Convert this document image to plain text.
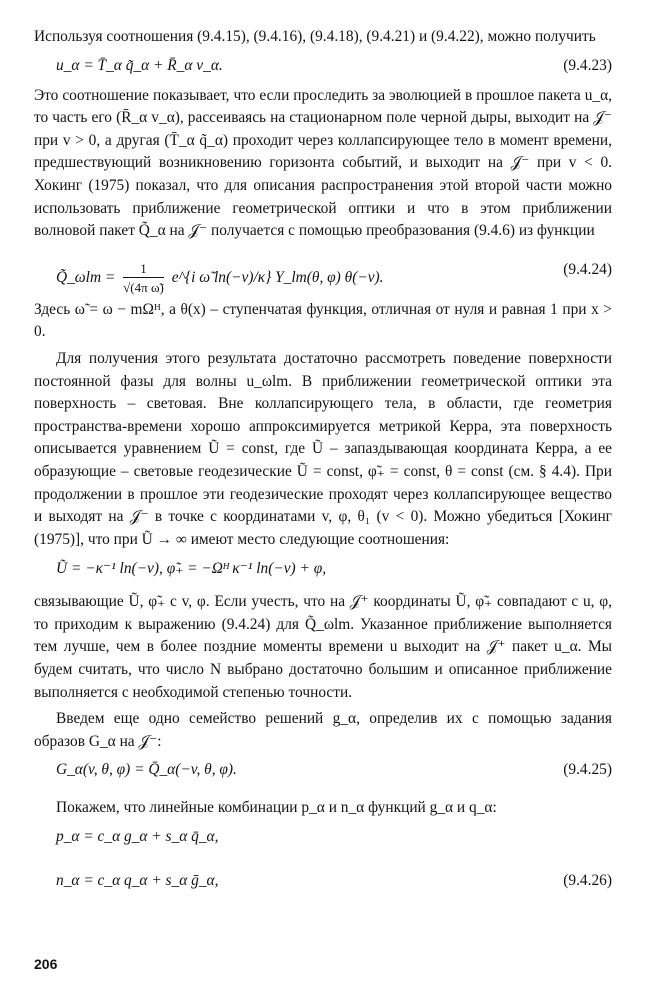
Используя соотношения (9.4.15), (9.4.16), (9.4.18), (9.4.21) и (9.4.22), можно получить

u_α = T̄_α q̃_α + R̄_α v_α.	(9.4.23)

Это соотношение показывает, что если проследить за эволюцией в прошлое пакета u_α, то часть его (R̄_α v_α), рассеиваясь на стационарном поле черной дыры, выходит на 𝒥⁻ при v > 0, а другая (T̄_α q̃_α) проходит через коллапсирующее тело в момент времени, предшествующий возникновению горизонта событий, и выходит на 𝒥⁻ при v < 0. Хокинг (1975) показал, что для описания распространения этой второй части можно использовать приближение геометрической оптики и что в этом приближении волновой пакет Q̃_α на 𝒥⁻ получается с помощью преобразования (9.4.6) из функции

Q̃_ωlm = $\frac{1}{\text{√(4π ω̃)}}$ e^{i ω̃ ln(−v)/κ} Y_lm(θ, φ) θ(−v).	(9.4.24)

Здесь ω̃ = ω − mΩᴴ, а θ(x) – ступенчатая функция, отличная от нуля и равная 1 при x > 0.

Для получения этого результата достаточно рассмотреть поведение поверхности постоянной фазы для волны u_ωlm. В приближении геометрической оптики эта поверхность – световая. Вне коллапсирующего тела, в области, где геометрия пространства-времени хорошо аппроксимируется метрикой Керра, эта поверхность описывается уравнением Ũ = const, где Ũ – запаздывающая координата Керра, а ее образующие – световые геодезические Ũ = const, φ̃₊ = const, θ = const (см. § 4.4). При продолжении в прошлое эти геодезические проходят через коллапсирующее вещество и выходят на 𝒥⁻ в точке с координатами v, φ, θ₁ (v < 0). Можно убедиться [Хокинг (1975)], что при Ũ → ∞ имеют место следующие соотношения:

Ũ = −κ⁻¹ ln(−v), φ̃₊ = −Ωᴴ κ⁻¹ ln(−v) + φ,

связывающие Ũ, φ̃₊ с v, φ. Если учесть, что на 𝒥⁺ координаты Ũ, φ̃₊ совпадают с u, φ, то приходим к выражению (9.4.24) для Q̃_ωlm. Указанное приближение выполняется тем лучше, чем в более поздние моменты времени u выходит на 𝒥⁺ пакет u_α. Мы будем считать, что число N выбрано достаточно большим и описанное приближение выполняется с необходимой степенью точности.

Введем еще одно семейство решений g_α, определив их с помощью задания образов G_α на 𝒥⁻:

G_α(v, θ, φ) = Q̄_α(−v, θ, φ).	(9.4.25)

Покажем, что линейные комбинации p_α и n_α функций g_α и q_α:

p_α = c_α g_α + s_α q̄_α,
n_α = c_α q_α + s_α ḡ_α,	(9.4.26)
206
